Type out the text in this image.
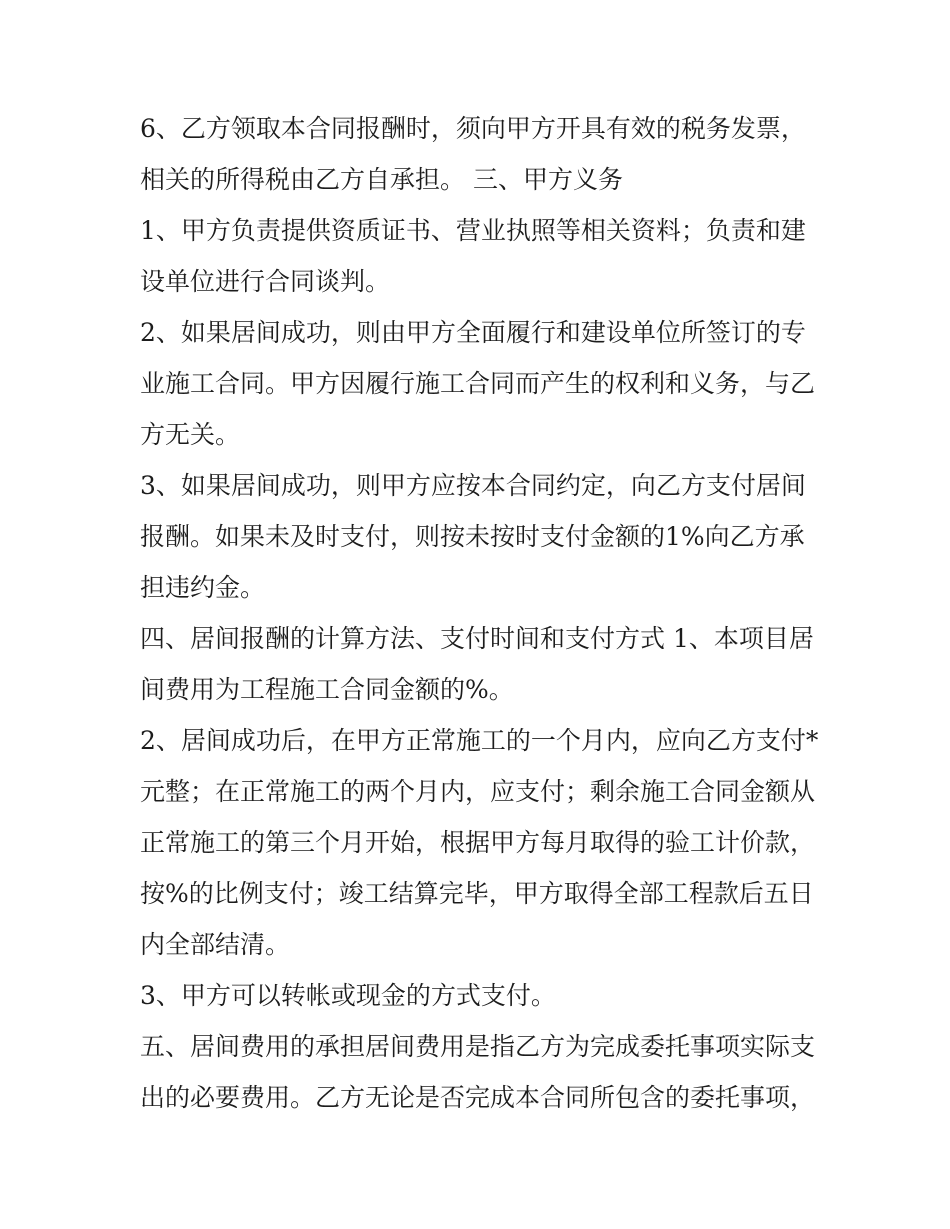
6、乙方领取本合同报酬时，须向甲方开具有效的税务发票，

相关的所得税由乙方自承担。 三、甲方义务

1、甲方负责提供资质证书、营业执照等相关资料；负责和建

设单位进行合同谈判。

2、如果居间成功，则由甲方全面履行和建设单位所签订的专

业施工合同。甲方因履行施工合同而产生的权利和义务，与乙

方无关。

3、如果居间成功，则甲方应按本合同约定，向乙方支付居间

报酬。如果未及时支付，则按未按时支付金额的1%向乙方承

担违约金。

四、居间报酬的计算方法、支付时间和支付方式 1、本项目居

间费用为工程施工合同金额的%。

2、居间成功后，在甲方正常施工的一个月内，应向乙方支付*

元整；在正常施工的两个月内，应支付；剩余施工合同金额从

正常施工的第三个月开始，根据甲方每月取得的验工计价款，

按%的比例支付；竣工结算完毕，甲方取得全部工程款后五日

内全部结清。

3、甲方可以转帐或现金的方式支付。

五、居间费用的承担居间费用是指乙方为完成委托事项实际支

出的必要费用。乙方无论是否完成本合同所包含的委托事项，
